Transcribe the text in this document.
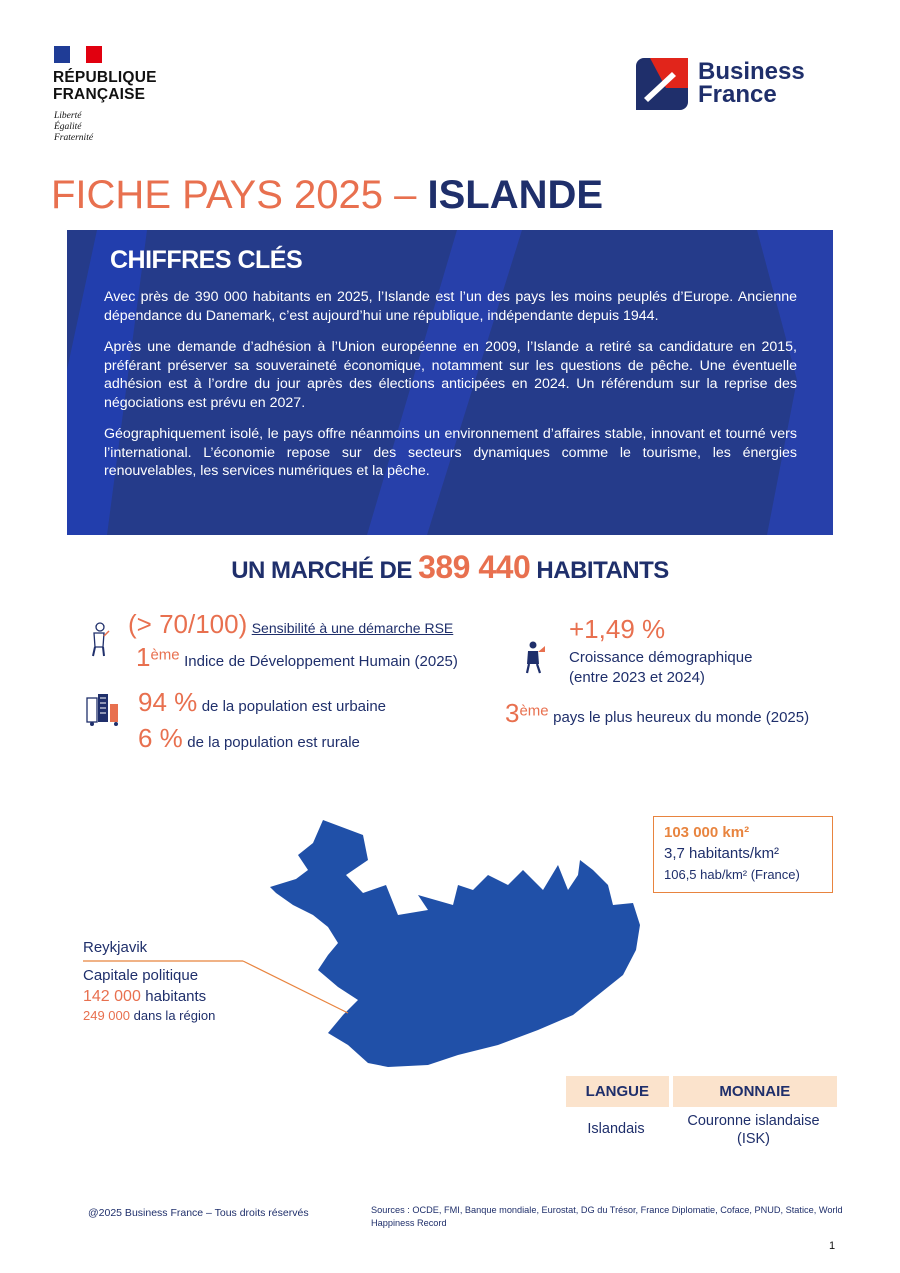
RÉPUBLIQUE
FRANÇAISE
Liberté
Égalité
Fraternité
Business
France
FICHE PAYS 2025 – ISLANDE
CHIFFRES CLÉS

Avec près de 390 000 habitants en 2025, l’Islande est l’un des pays les moins peuplés d’Europe. Ancienne dépendance du Danemark, c’est aujourd’hui une république, indépendante depuis 1944.

Après une demande d’adhésion à l’Union européenne en 2009, l’Islande a retiré sa candidature en 2015, préférant préserver sa souveraineté économique, notamment sur les questions de pêche. Une éventuelle adhésion est à l’ordre du jour après des élections anticipées en 2024. Un référendum sur la reprise des négociations est prévu en 2027.

Géographiquement isolé, le pays offre néanmoins un environnement d’affaires stable, innovant et tourné vers l’international. L’économie repose sur des secteurs dynamiques comme le tourisme, les énergies renouvelables, les services numériques et la pêche.

UN MARCHÉ DE 389 440 HABITANTS
(> 70/100) Sensibilité à une démarche RSE
1ème Indice de Développement Humain (2025)
94 % de la population est urbaine
6 % de la population est rurale
+1,49 %
Croissance démographique
(entre 2023 et 2024)
3ème pays le plus heureux du monde (2025)
103 000 km²
3,7 habitants/km²
106,5 hab/km² (France)
Reykjavik
Capitale politique
142 000 habitants
249 000 dans la région
LANGUE	MONNAIE
Islandais	Couronne islandaise
(ISK)
@2025 Business France – Tous droits réservés	Sources : OCDE, FMI, Banque mondiale, Eurostat, DG du Trésor, France Diplomatie, Coface, PNUD, Statice, World Happiness Record
1
